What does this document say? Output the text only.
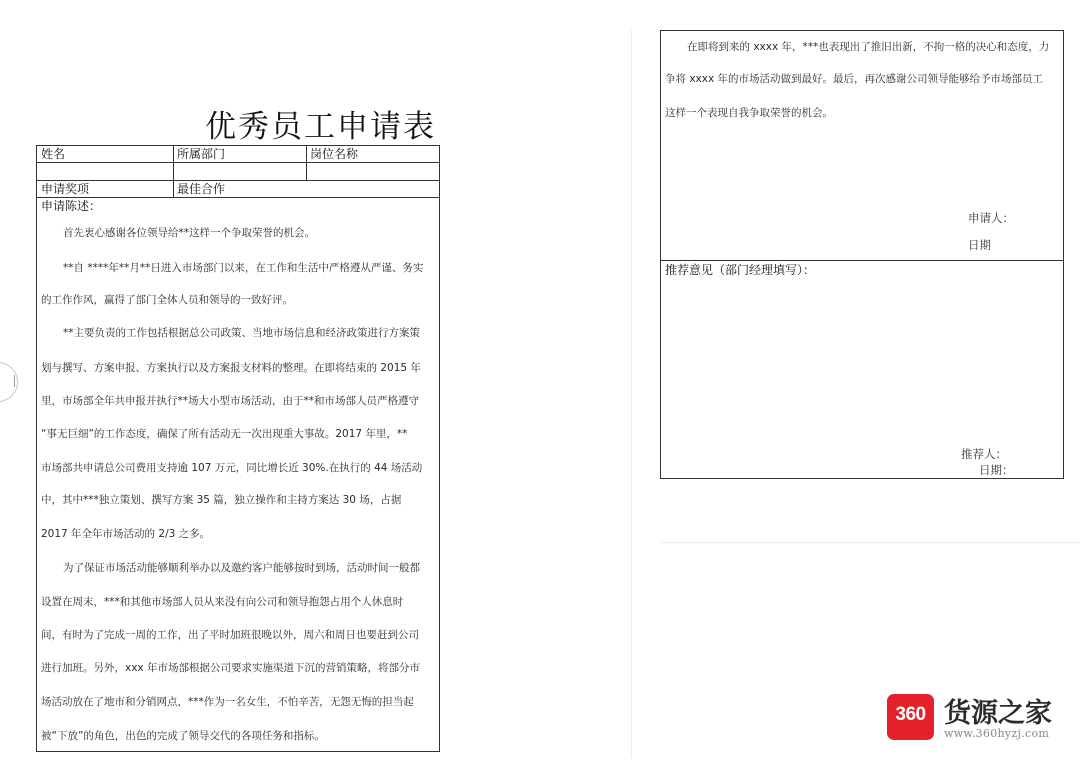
优秀员工申请表
姓名	所属部门	岗位名称
申请奖项	最佳合作
申请陈述：
首先衷心感谢各位领导给**这样一个争取荣誉的机会。
**自 ****年**月**日进入市场部门以来，在工作和生活中严格遵从严谨、务实
的工作作风，赢得了部门全体人员和领导的一致好评。
**主要负责的工作包括根据总公司政策、当地市场信息和经济政策进行方案策
划与撰写、方案申报、方案执行以及方案报支材料的整理。在即将结束的 2015 年
里，市场部全年共申报并执行**场大小型市场活动，由于**和市场部人员严格遵守
“事无巨细”的工作态度，确保了所有活动无一次出现重大事故。2017 年里，**
市场部共申请总公司费用支持逾 107 万元，同比增长近 30%.在执行的 44 场活动
中，其中***独立策划、撰写方案 35 篇，独立操作和主持方案达 30 场，占据
2017 年全年市场活动的 2/3 之多。
为了保证市场活动能够顺利举办以及邀约客户能够按时到场，活动时间一般都
设置在周末，***和其他市场部人员从来没有向公司和领导抱怨占用个人休息时
间，有时为了完成一周的工作，出了平时加班很晚以外，周六和周日也要赶到公司
进行加班。另外，xxx 年市场部根据公司要求实施渠道下沉的营销策略，将部分市
场活动放在了地市和分销网点，***作为一名女生，不怕辛苦，无怨无悔的担当起
被“下放”的角色，出色的完成了领导交代的各项任务和指标。
在即将到来的 xxxx 年，***也表现出了推旧出新，不拘一格的决心和态度，力
争将 xxxx 年的市场活动做到最好。最后，再次感谢公司领导能够给予市场部员工
这样一个表现自我争取荣誉的机会。
申请人：
日期
推荐意见（部门经理填写）：
推荐人：
日期：
360 货源之家
www.360hyzj.com
